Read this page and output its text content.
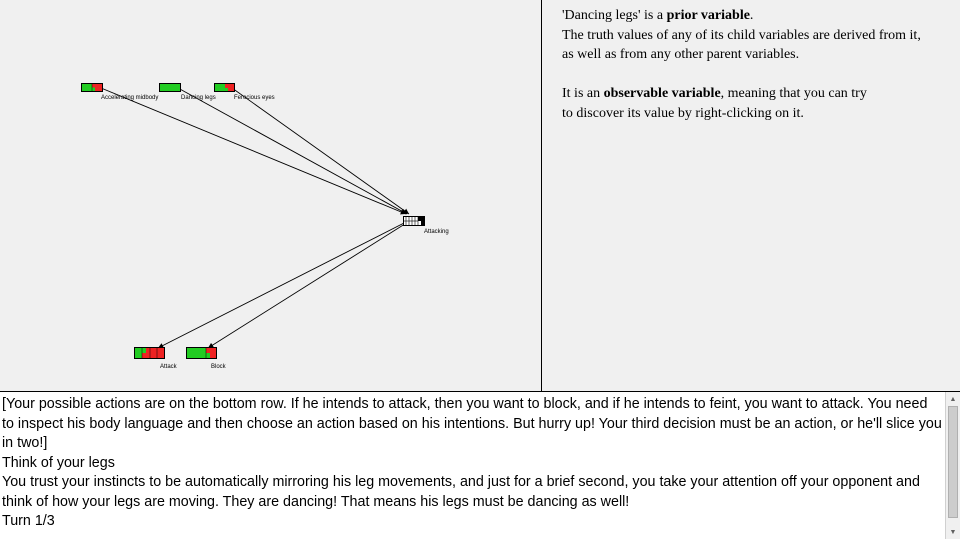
Accelerating midbody	Dancing legs	Ferocious eyes
Attacking
Attack	Block

'Dancing legs' is a prior variable.

The truth values of any of its child variables are derived from it,

as well as from any other parent variables.

It is an observable variable, meaning that you can try

to discover its value by right-clicking on it.

[Your possible actions are on the bottom row. If he intends to attack, then you want to block, and if he intends to feint, you want to attack. You need to inspect his body language and then choose an action based on his intentions. But hurry up! Your third decision must be an action, or he'll slice you in two!]
Think of your legs
You trust your instincts to be automatically mirroring his leg movements, and just for a brief second, you take your attention off your opponent and think of how your legs are moving. They are dancing! That means his legs must be dancing as well!
Turn 1/3
▲
▼
